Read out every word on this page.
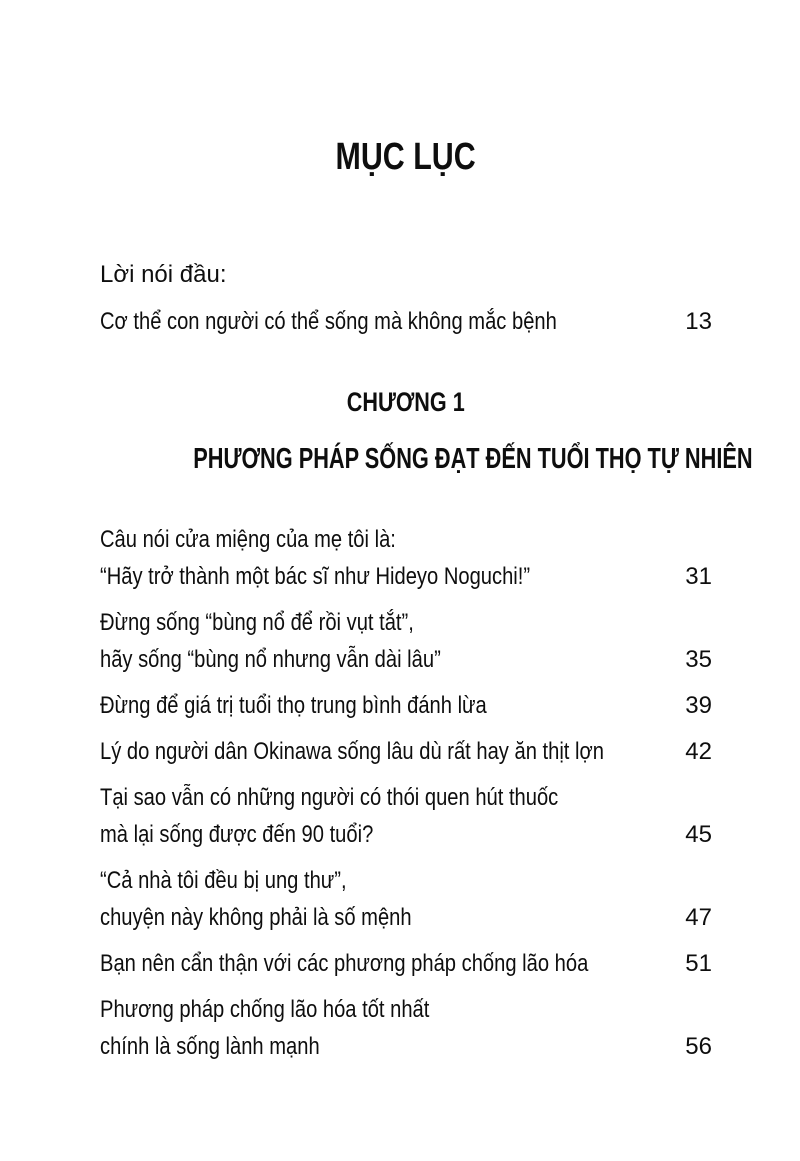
MỤC LỤC
Lời nói đầu:
Cơ thể con người có thể sống mà không mắc bệnh	13
CHƯƠNG 1
PHƯƠNG PHÁP SỐNG ĐẠT ĐẾN TUỔI THỌ TỰ NHIÊN
Câu nói cửa miệng của mẹ tôi là:
“Hãy trở thành một bác sĩ như Hideyo Noguchi!”	31
Đừng sống “bùng nổ để rồi vụt tắt”,
hãy sống “bùng nổ nhưng vẫn dài lâu”	35
Đừng để giá trị tuổi thọ trung bình đánh lừa	39
Lý do người dân Okinawa sống lâu dù rất hay ăn thịt lợn	42
Tại sao vẫn có những người có thói quen hút thuốc
mà lại sống được đến 90 tuổi?	45
“Cả nhà tôi đều bị ung thư”,
chuyện này không phải là số mệnh	47
Bạn nên cẩn thận với các phương pháp chống lão hóa	51
Phương pháp chống lão hóa tốt nhất
chính là sống lành mạnh	56
